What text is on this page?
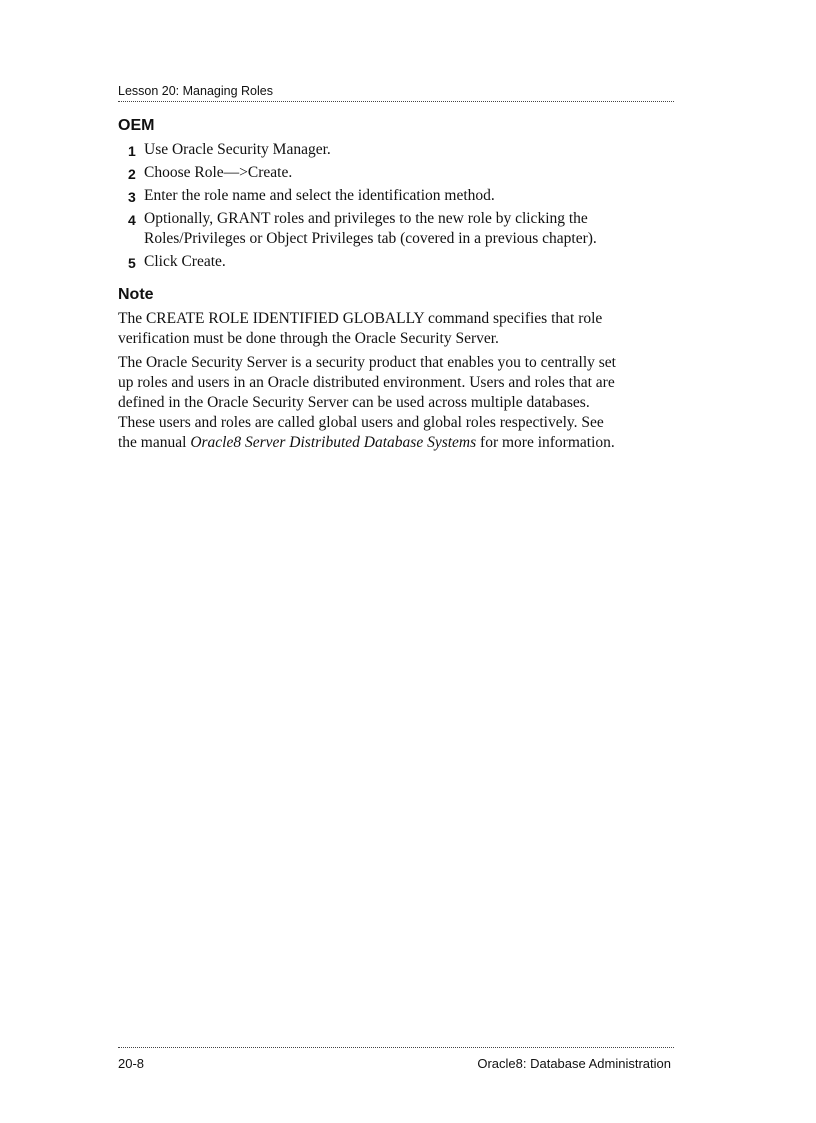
Lesson 20: Managing Roles
OEM
1 Use Oracle Security Manager.
2 Choose Role—>Create.
3 Enter the role name and select the identification method.
4 Optionally, GRANT roles and privileges to the new role by clicking the Roles/Privileges or Object Privileges tab (covered in a previous chapter).
5 Click Create.
Note

The CREATE ROLE IDENTIFIED GLOBALLY command specifies that role verification must be done through the Oracle Security Server.

The Oracle Security Server is a security product that enables you to centrally set up roles and users in an Oracle distributed environment. Users and roles that are defined in the Oracle Security Server can be used across multiple databases. These users and roles are called global users and global roles respectively. See the manual Oracle8 Server Distributed Database Systems for more information.

20-8	Oracle8: Database Administration
